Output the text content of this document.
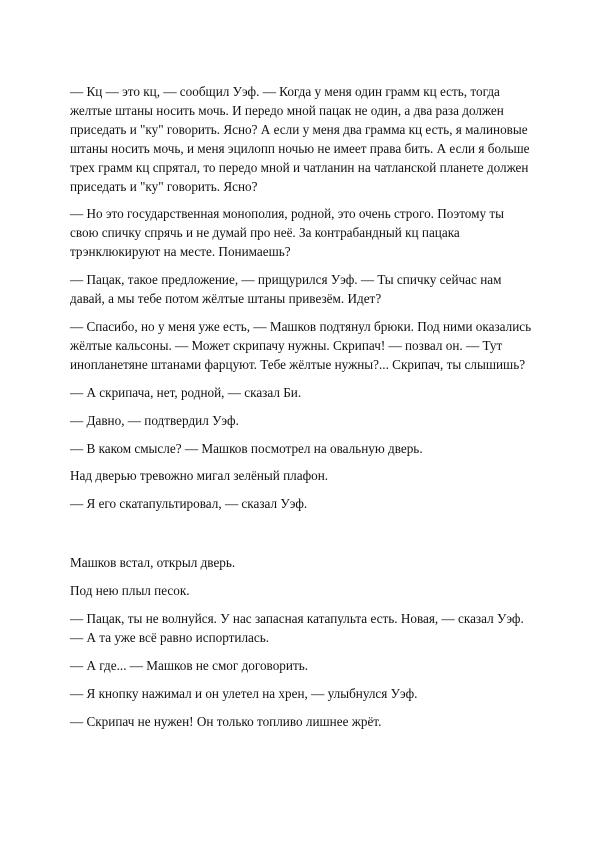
— Кц — это кц, — сообщил Уэф. — Когда у меня один грамм кц есть, тогда желтые штаны носить мочь. И передо мной пацак не один, а два раза должен приседать и "ку" говорить. Ясно? А если у меня два грамма кц есть, я малиновые штаны носить мочь, и меня эцилопп ночью не имеет права бить. А если я больше трех грамм кц спрятал, то передо мной и чатланин на чатланской планете должен приседать и "ку" говорить. Ясно?

— Но это государственная монополия, родной, это очень строго. Поэтому ты свою спичку спрячь и не думай про неё. За контрабандный кц пацака трэнклюкируют на месте. Понимаешь?

— Пацак, такое предложение, — прищурился Уэф. — Ты спичку сейчас нам давай, а мы тебе потом жёлтые штаны привезём. Идет?

— Спасибо, но у меня уже есть, — Машков подтянул брюки. Под ними оказались жёлтые кальсоны. — Может скрипачу нужны. Скрипач! — позвал он. — Тут инопланетяне штанами фарцуют. Тебе жёлтые нужны?... Скрипач, ты слышишь?

— А скрипача, нет, родной, — сказал Би.

— Давно, — подтвердил Уэф.

— В каком смысле? — Машков посмотрел на овальную дверь.

Над дверью тревожно мигал зелёный плафон.

— Я его скатапультировал, — сказал Уэф.

Машков встал, открыл дверь.

Под нею плыл песок.

— Пацак, ты не волнуйся. У нас запасная катапульта есть. Новая, — сказал Уэф. — А та уже всё равно испортилась.

— А где... — Машков не смог договорить.

— Я кнопку нажимал и он улетел на хрен, — улыбнулся Уэф.

— Скрипач не нужен! Он только топливо лишнее жрёт.
